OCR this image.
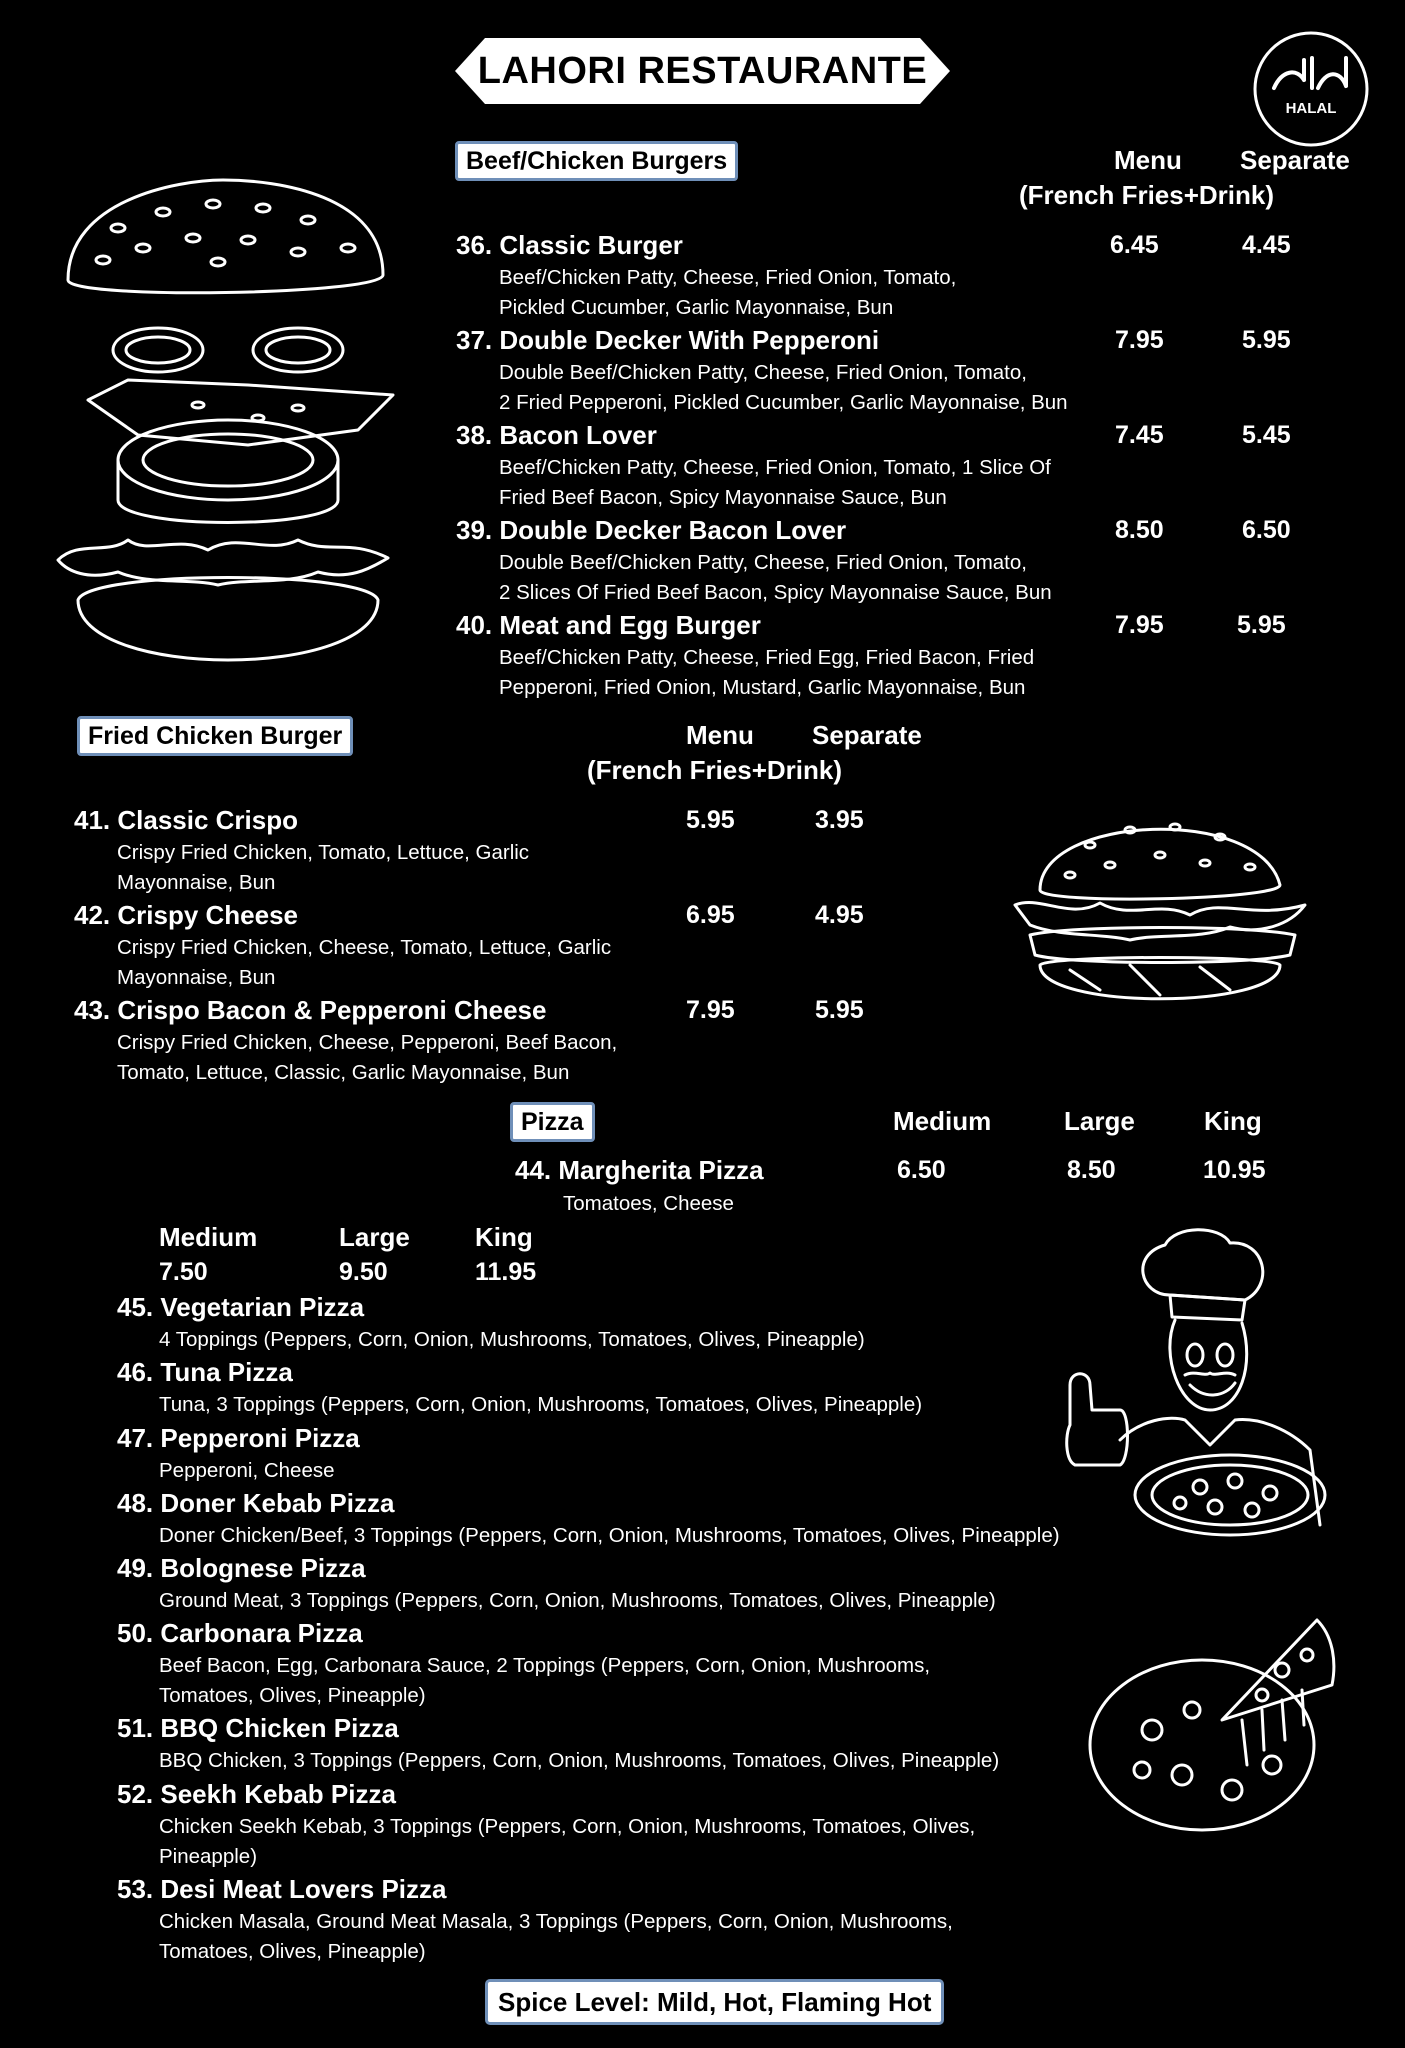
LAHORI RESTAURANTE
HALAL
Beef/Chicken Burgers	Menu Separate
(French Fries+Drink)
36. Classic Burger	6.45	4.45
Beef/Chicken Patty, Cheese, Fried Onion, Tomato,
Pickled Cucumber, Garlic Mayonnaise, Bun
37. Double Decker With Pepperoni	7.95	5.95
Double Beef/Chicken Patty, Cheese, Fried Onion, Tomato,
2 Fried Pepperoni, Pickled Cucumber, Garlic Mayonnaise, Bun
38. Bacon Lover	7.45	5.45
Beef/Chicken Patty, Cheese, Fried Onion, Tomato, 1 Slice Of
Fried Beef Bacon, Spicy Mayonnaise Sauce, Bun
39. Double Decker Bacon Lover	8.50	6.50
Double Beef/Chicken Patty, Cheese, Fried Onion, Tomato,
2 Slices Of Fried Beef Bacon, Spicy Mayonnaise Sauce, Bun
40. Meat and Egg Burger	7.95	5.95
Beef/Chicken Patty, Cheese, Fried Egg, Fried Bacon, Fried
Pepperoni, Fried Onion, Mustard, Garlic Mayonnaise, Bun
Fried Chicken Burger	Menu Separate
(French Fries+Drink)
41. Classic Crispo	5.95	3.95
Crispy Fried Chicken, Tomato, Lettuce, Garlic
Mayonnaise, Bun
42. Crispy Cheese	6.95	4.95
Crispy Fried Chicken, Cheese, Tomato, Lettuce, Garlic
Mayonnaise, Bun
43. Crispo Bacon & Pepperoni Cheese	7.95	5.95
Crispy Fried Chicken, Cheese, Pepperoni, Beef Bacon,
Tomato, Lettuce, Classic, Garlic Mayonnaise, Bun
Pizza	Medium	Large	King
44. Margherita Pizza	6.50	8.50	10.95
Tomatoes, Cheese
Medium	Large	King
7.50	9.50	11.95
45. Vegetarian Pizza
4 Toppings (Peppers, Corn, Onion, Mushrooms, Tomatoes, Olives, Pineapple)
46. Tuna Pizza
Tuna, 3 Toppings (Peppers, Corn, Onion, Mushrooms, Tomatoes, Olives, Pineapple)
47. Pepperoni Pizza
Pepperoni, Cheese
48. Doner Kebab Pizza
Doner Chicken/Beef, 3 Toppings (Peppers, Corn, Onion, Mushrooms, Tomatoes, Olives, Pineapple)
49. Bolognese Pizza
Ground Meat, 3 Toppings (Peppers, Corn, Onion, Mushrooms, Tomatoes, Olives, Pineapple)
50. Carbonara Pizza
Beef Bacon, Egg, Carbonara Sauce, 2 Toppings (Peppers, Corn, Onion, Mushrooms,
Tomatoes, Olives, Pineapple)
51. BBQ Chicken Pizza
BBQ Chicken, 3 Toppings (Peppers, Corn, Onion, Mushrooms, Tomatoes, Olives, Pineapple)
52. Seekh Kebab Pizza
Chicken Seekh Kebab, 3 Toppings (Peppers, Corn, Onion, Mushrooms, Tomatoes, Olives,
Pineapple)
53. Desi Meat Lovers Pizza
Chicken Masala, Ground Meat Masala, 3 Toppings (Peppers, Corn, Onion, Mushrooms,
Tomatoes, Olives, Pineapple)
Spice Level: Mild, Hot, Flaming Hot
